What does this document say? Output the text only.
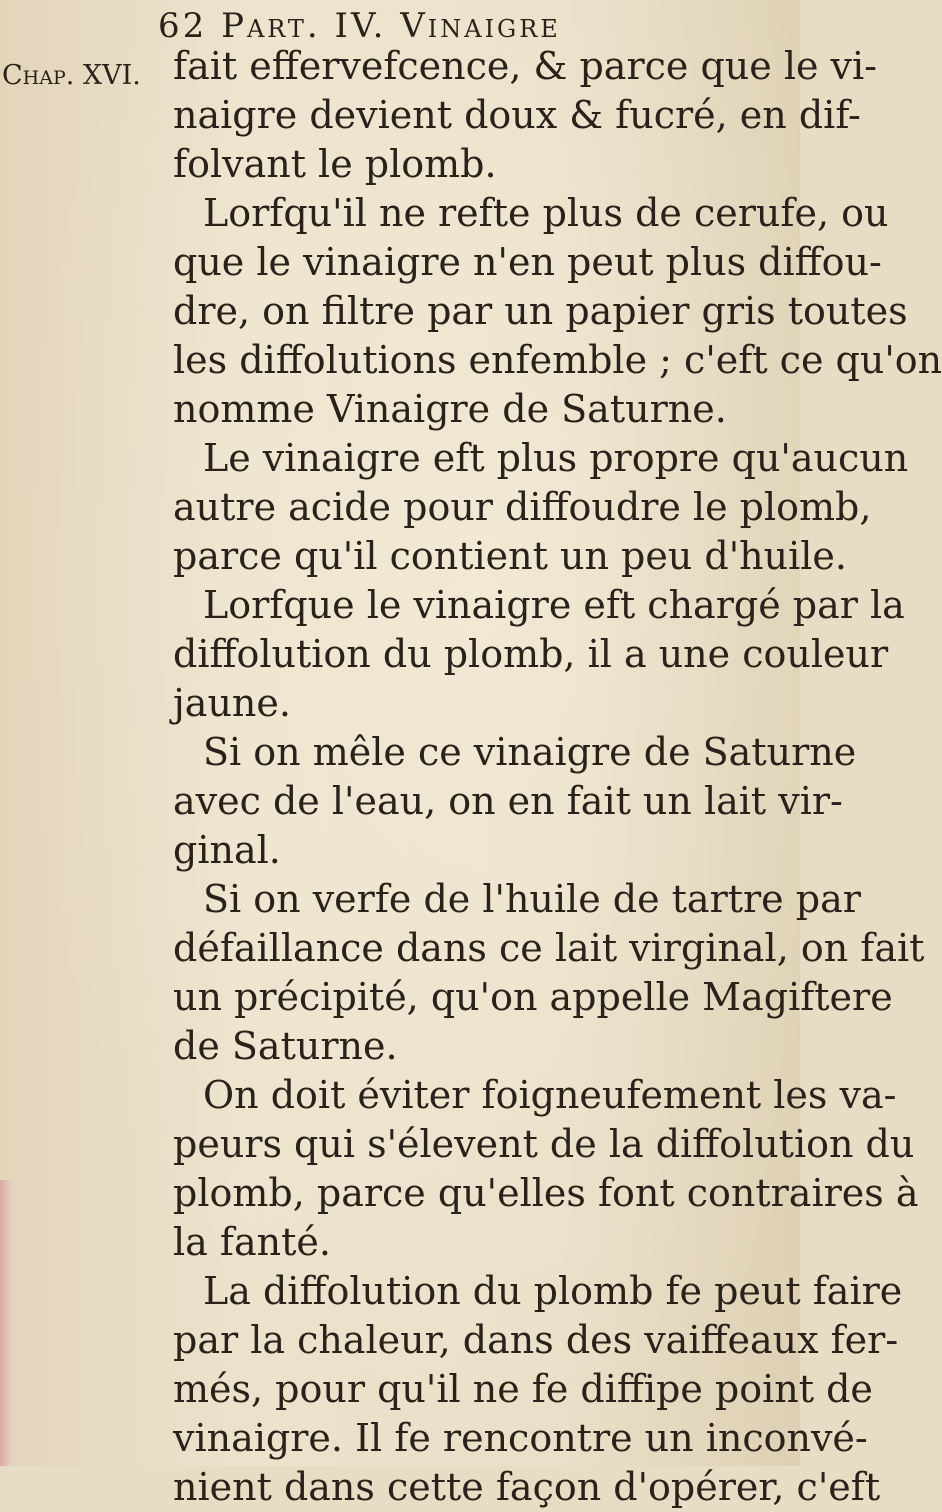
62 Part. IV. Vinaigre
Chap. XVI. fait effervefcence, & parce que le vi-
naigre devient doux & fucré, en dif-
folvant le plomb.
Lorfqu'il ne refte plus de cerufe, ou
que le vinaigre n'en peut plus diffou-
dre, on filtre par un papier gris toutes
les diffolutions enfemble ; c'eft ce qu'on
nomme Vinaigre de Saturne.
Le vinaigre eft plus propre qu'aucun
autre acide pour diffoudre le plomb,
parce qu'il contient un peu d'huile.
Lorfque le vinaigre eft chargé par la
diffolution du plomb, il a une couleur
jaune.
Si on mêle ce vinaigre de Saturne
avec de l'eau, on en fait un lait vir-
ginal.
Si on verfe de l'huile de tartre par
défaillance dans ce lait virginal, on fait
un précipité, qu'on appelle Magiftere
de Saturne.
On doit éviter foigneufement les va-
peurs qui s'élevent de la diffolution du
plomb, parce qu'elles font contraires à
la fanté.
La diffolution du plomb fe peut faire
par la chaleur, dans des vaiffeaux fer-
més, pour qu'il ne fe diffipe point de
vinaigre. Il fe rencontre un inconvé-
nient dans cette façon d'opérer, c'eft
